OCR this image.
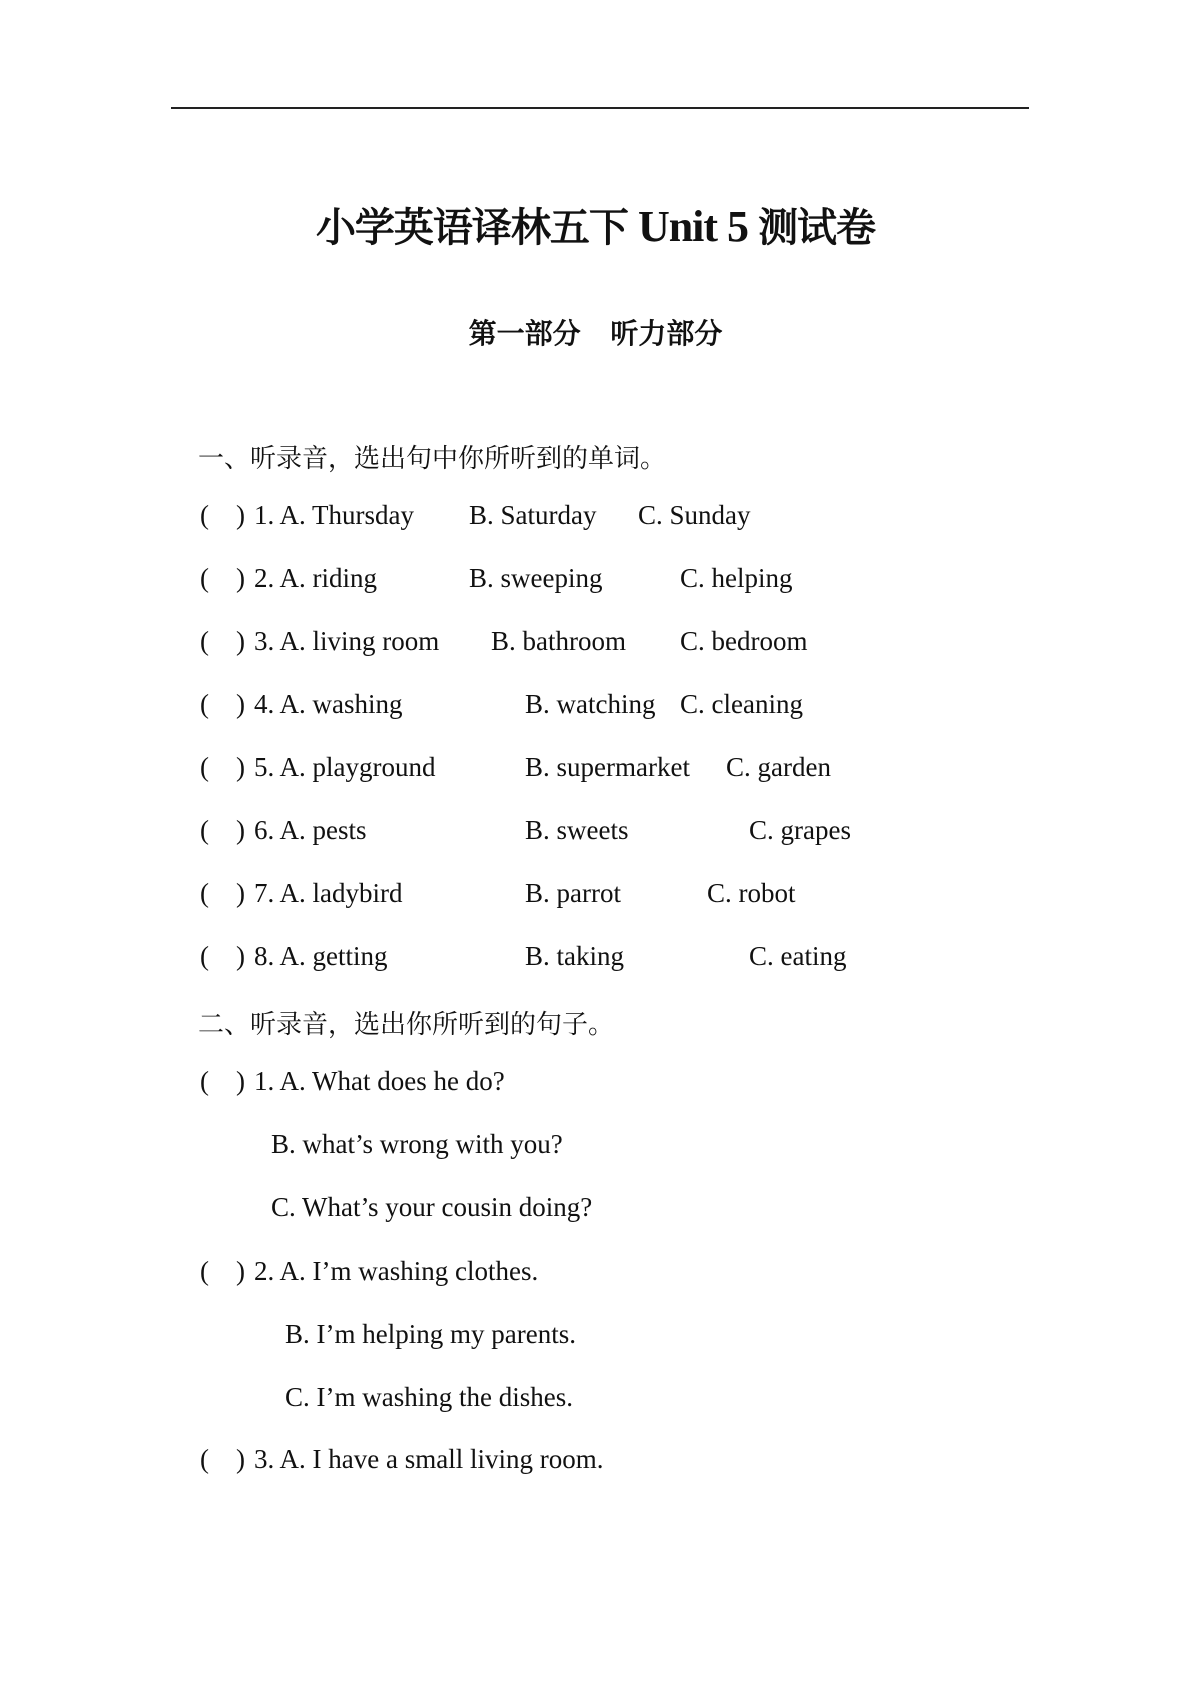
小学英语译林五下 Unit 5 测试卷
第一部分 听力部分
一、听录音，选出句中你所听到的单词。
二、听录音，选出你所听到的句子。
( ) 1. A. Thursday B. Saturday C. Sunday
( ) 2. A. riding	B. sweeping	C. helping
( ) 3. A. living room B. bathroom C. bedroom
( ) 4. A. washing	B. watching C. cleaning
( ) 5. A. playground	B. supermarket C. garden
( ) 6. A. pests	B. sweets	C. grapes
( ) 7. A. ladybird	B. parrot	C. robot
( ) 8. A. getting	B. taking	C. eating
( ) 1. A. What does he do?
B. what’s wrong with you?
C. What’s your cousin doing?
( ) 2. A. I’m washing clothes.
B. I’m helping my parents.
C. I’m washing the dishes.
( ) 3. A. I have a small living room.
